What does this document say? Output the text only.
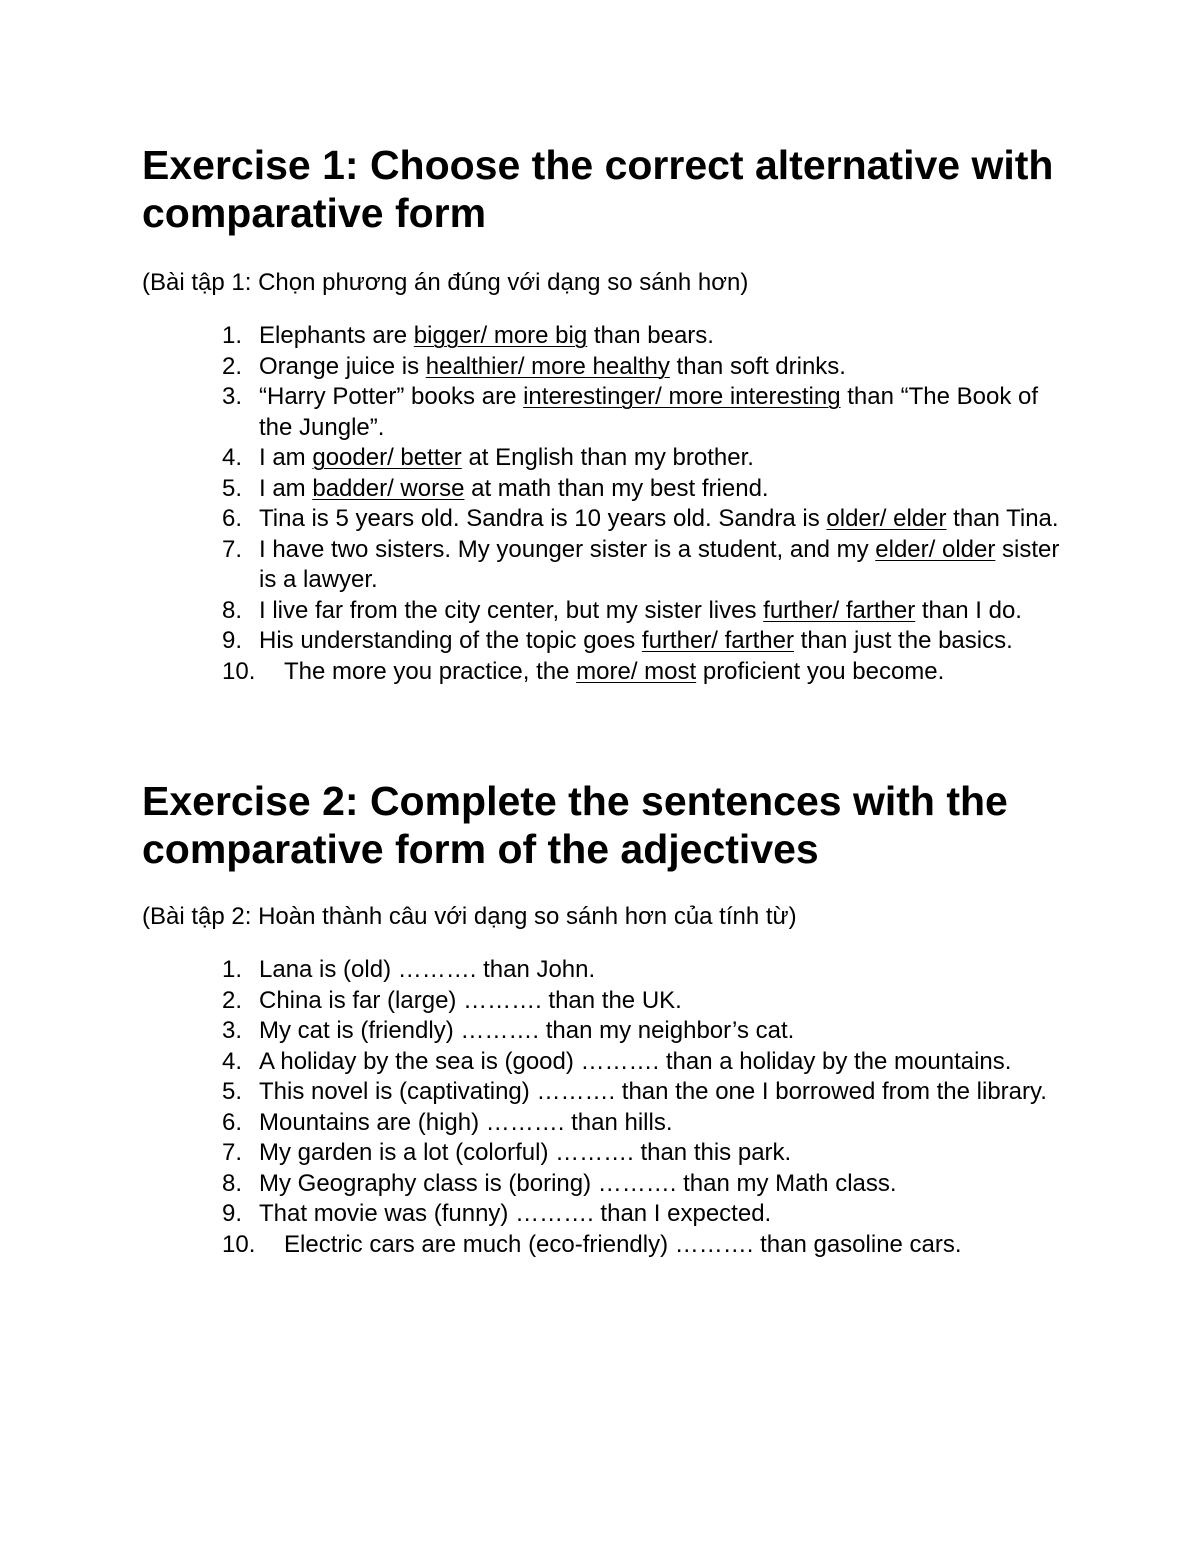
Exercise 1: Choose the correct alternative with comparative form

(Bài tập 1: Chọn phương án đúng với dạng so sánh hơn)

1. Elephants are bigger/ more big than bears.
2. Orange juice is healthier/ more healthy than soft drinks.
3. “Harry Potter” books are interestinger/ more interesting than “The Book of the Jungle”.
4. I am gooder/ better at English than my brother.
5. I am badder/ worse at math than my best friend.
6. Tina is 5 years old. Sandra is 10 years old. Sandra is older/ elder than Tina.
7. I have two sisters. My younger sister is a student, and my elder/ older sister is a lawyer.
8. I live far from the city center, but my sister lives further/ farther than I do.
9. His understanding of the topic goes further/ farther than just the basics.
10. The more you practice, the more/ most proficient you become.
Exercise 2: Complete the sentences with the comparative form of the adjectives

(Bài tập 2: Hoàn thành câu với dạng so sánh hơn của tính từ)

1. Lana is (old) ………. than John.
2. China is far (large) ………. than the UK.
3. My cat is (friendly) ………. than my neighbor’s cat.
4. A holiday by the sea is (good) ………. than a holiday by the mountains.
5. This novel is (captivating) ………. than the one I borrowed from the library.
6. Mountains are (high) ………. than hills.
7. My garden is a lot (colorful) ………. than this park.
8. My Geography class is (boring) ………. than my Math class.
9. That movie was (funny) ………. than I expected.
10. Electric cars are much (eco-friendly) ………. than gasoline cars.
